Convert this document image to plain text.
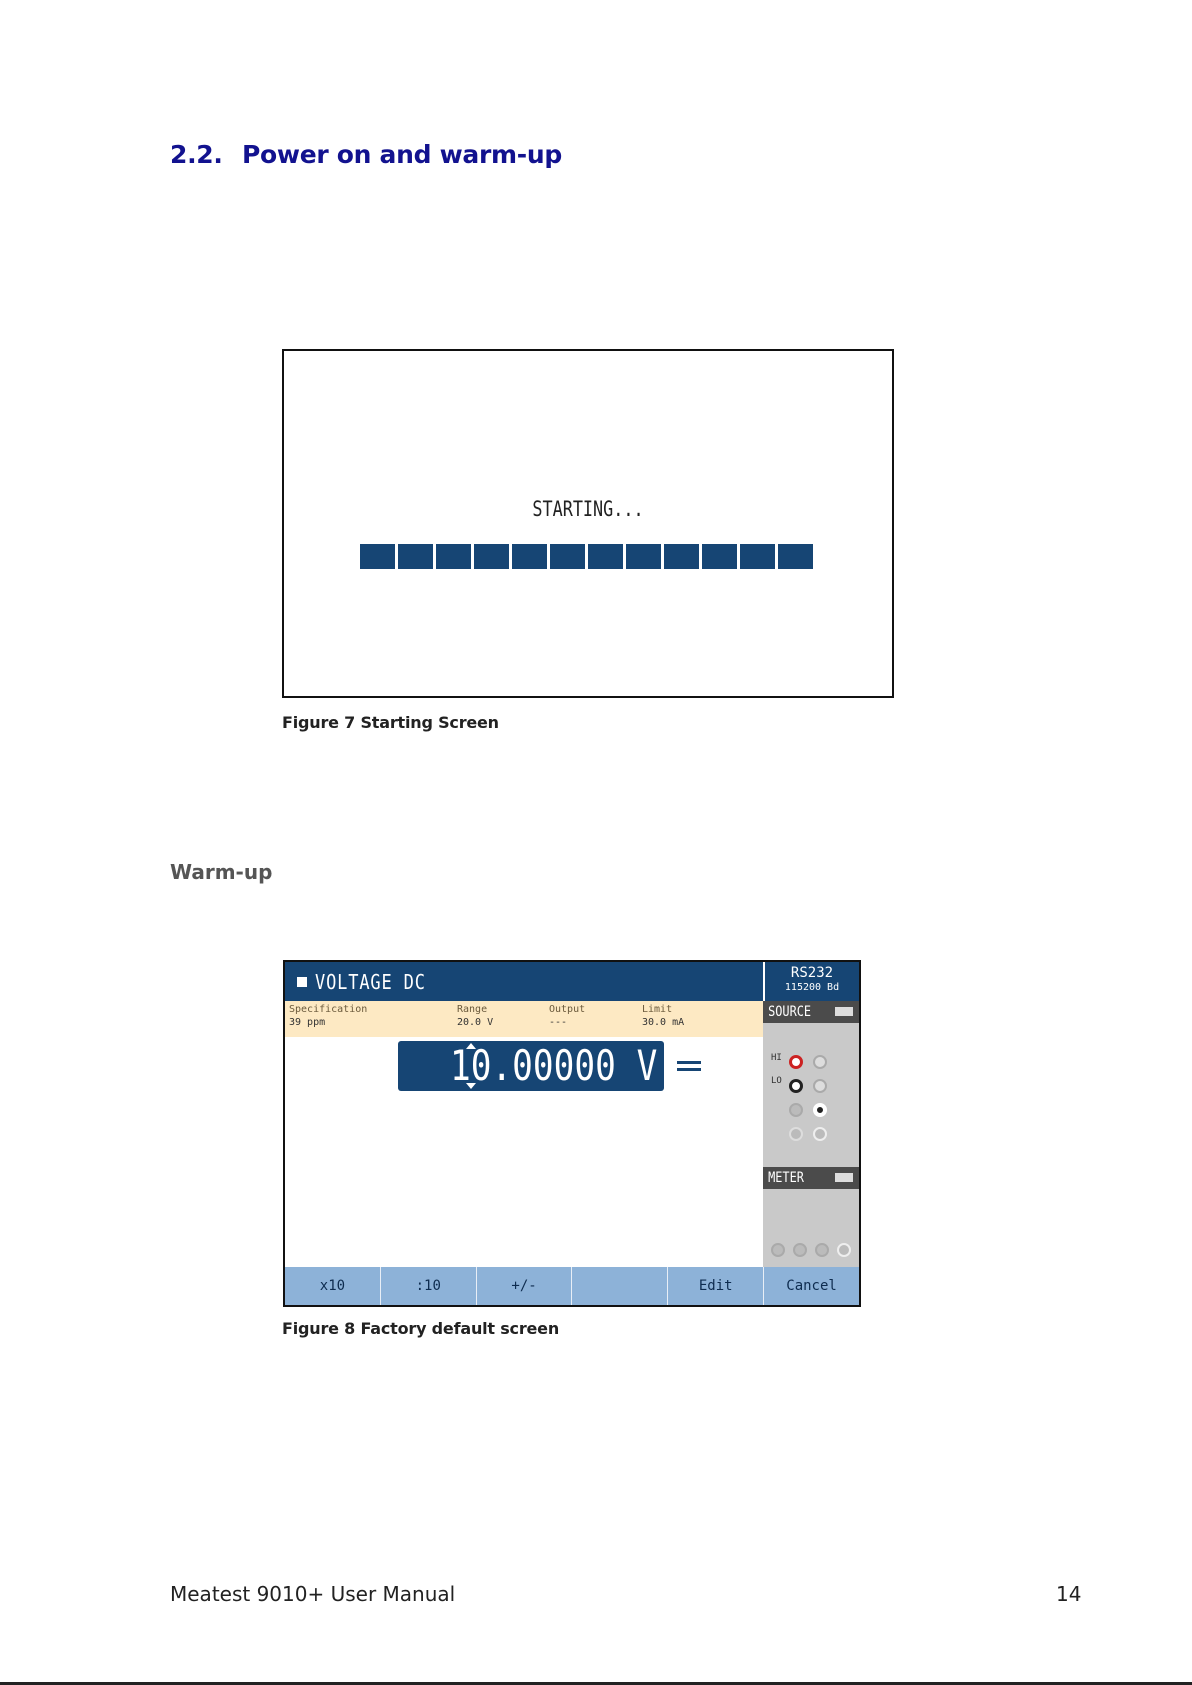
2.2. Power on and warm-up
STARTING...

Figure 7 Starting Screen

Warm-up
VOLTAGE DC	RS232
115200 Bd
Specification
39 ppm
Range
20.0 V
Output
---
Limit
30.0 mA
10.00000 V
SOURCE
HI
LO
METER
x10	:10	+/-	Edit	Cancel

Figure 8 Factory default screen

Meatest 9010+ User Manual	14
